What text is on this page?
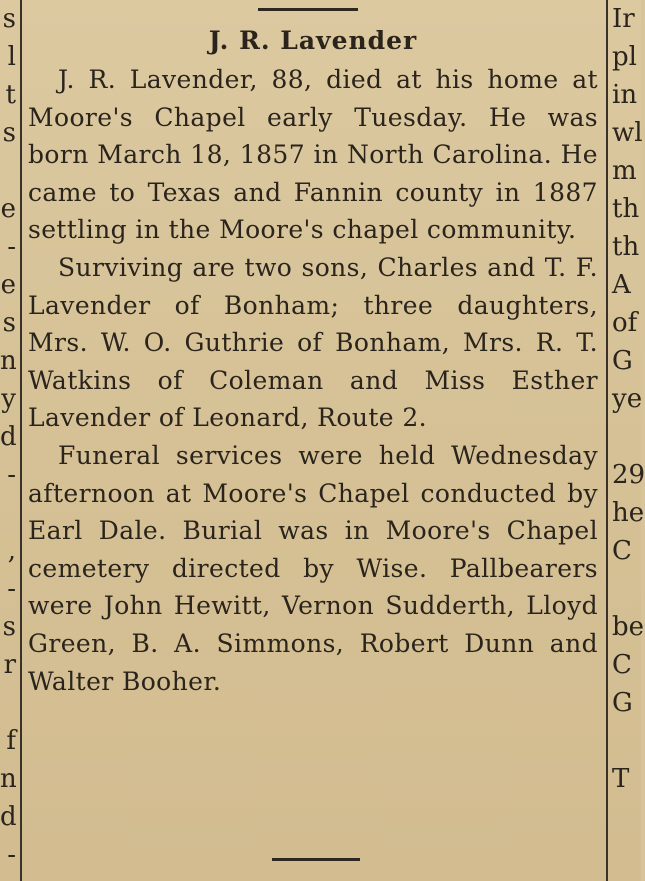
s
l
t
s
e
-
e
s
n
y
d
-
,
-
s
r
f
n
d
-
Ir
pl
in
wl
m
th
th
A
of
G
ye
29
he
C
be
C
G
T
J. R. Lavender

J. R. Lavender, 88, died at his home at Moore's Chapel early Tuesday. He was born March 18, 1857 in North Carolina. He came to Texas and Fannin county in 1887 settling in the Moore's chapel community.

Surviving are two sons, Charles and T. F. Lavender of Bonham; three daughters, Mrs. W. O. Guthrie of Bonham, Mrs. R. T. Watkins of Coleman and Miss Esther Lavender of Leonard, Route 2.

Funeral services were held Wednesday afternoon at Moore's Chapel conducted by Earl Dale. Burial was in Moore's Chapel cemetery directed by Wise. Pallbearers were John Hewitt, Vernon Sudderth, Lloyd Green, B. A. Simmons, Robert Dunn and Walter Booher.
